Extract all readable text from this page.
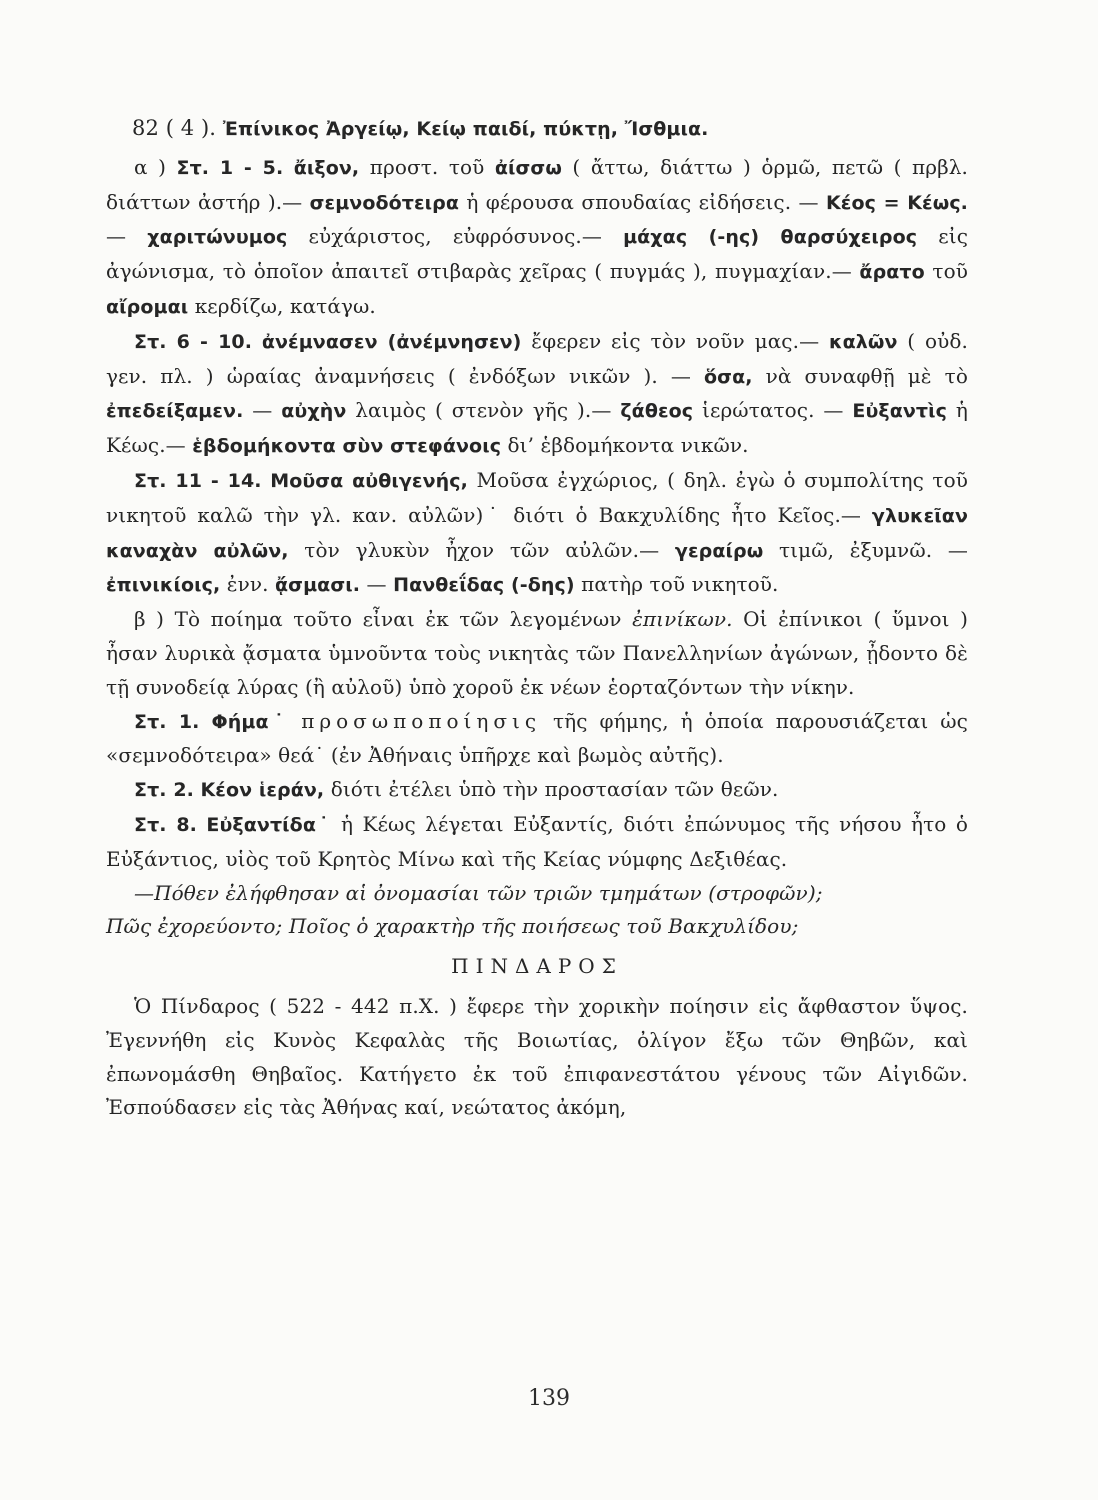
82 ( 4 ). Ἐπίνικος Ἀργείῳ, Κείῳ παιδί, πύκτῃ, Ἴσθμια.

α ) Στ. 1 - 5. ἄιξον, προστ. τοῦ ἀίσσω ( ἄττω, διάττω ) ὁρμῶ, πετῶ ( πρβλ. διάττων ἀστήρ ).— σεμνοδότειρα ἡ φέρουσα σπουδαίας εἰδήσεις. — Κέος = Κέως.— χαριτώνυμος εὐχάριστος, εὐφρόσυνος.— μάχας (-ης) θαρσύχειρος εἰς ἀγώνισμα, τὸ ὁποῖον ἀπαιτεῖ στιβαρὰς χεῖρας ( πυγμάς ), πυγμαχίαν.— ἄρατο τοῦ αἴρομαι κερδίζω, κατάγω.

Στ. 6 - 10. ἀνέμνασεν (ἀνέμνησεν) ἔφερεν εἰς τὸν νοῦν μας.— καλῶν ( οὐδ. γεν. πλ. ) ὡραίας ἀναμνήσεις ( ἐνδόξων νικῶν ). — ὅσα, νὰ συναφθῇ μὲ τὸ ἐπεδείξαμεν. — αὐχὴν λαιμὸς ( στενὸν γῆς ).— ζάθεος ἱερώτατος. — Εὐξαντὶς ἡ Κέως.— ἑβδομήκοντα σὺν στεφάνοις δι’ ἑβδομήκοντα νικῶν.

Στ. 11 - 14. Μοῦσα αὐθιγενής, Μοῦσα ἐγχώριος, ( δηλ. ἐγὼ ὁ συμπολίτης τοῦ νικητοῦ καλῶ τὴν γλ. καν. αὐλῶν)˙ διότι ὁ Βακχυλίδης ἦτο Κεῖος.— γλυκεῖαν καναχὰν αὐλῶν, τὸν γλυκὺν ἦχον τῶν αὐλῶν.— γεραίρω τιμῶ, ἐξυμνῶ. — ἐπινικίοις, ἐνν. ᾄσμασι. — Πανθεΐδας (-δης) πατὴρ τοῦ νικητοῦ.

β ) Τὸ ποίημα τοῦτο εἶναι ἐκ τῶν λεγομένων ἐπινίκων. Οἱ ἐπίνικοι ( ὕμνοι ) ἦσαν λυρικὰ ᾄσματα ὑμνοῦντα τοὺς νικητὰς τῶν Πανελληνίων ἀγώνων, ᾖδοντο δὲ τῇ συνοδείᾳ λύρας (ἢ αὐλοῦ) ὑπὸ χοροῦ ἐκ νέων ἑορταζόντων τὴν νίκην.

Στ. 1. Φήμα˙ προσωποποίησις τῆς φήμης, ἡ ὁποία παρουσιάζεται ὡς «σεμνοδότειρα» θεά˙ (ἐν Ἀθήναις ὑπῆρχε καὶ βωμὸς αὐτῆς).

Στ. 2. Κέον ἱεράν, διότι ἐτέλει ὑπὸ τὴν προστασίαν τῶν θεῶν.

Στ. 8. Εὐξαντίδα˙ ἡ Κέως λέγεται Εὐξαντίς, διότι ἐπώνυμος τῆς νήσου ἦτο ὁ Εὐξάντιος, υἱὸς τοῦ Κρητὸς Μίνω καὶ τῆς Κείας νύμφης Δεξιθέας.

—Πόθεν ἐλήφθησαν αἱ ὀνομασίαι τῶν τριῶν τμημάτων (στροφῶν);

Πῶς ἐχορεύοντο; Ποῖος ὁ χαρακτὴρ τῆς ποιήσεως τοῦ Βακχυλίδου;

ΠΙΝΔΑΡΟΣ

Ὁ Πίνδαρος ( 522 - 442 π.Χ. ) ἔφερε τὴν χορικὴν ποίησιν εἰς ἄφθαστον ὕψος. Ἐγεννήθη εἰς Κυνὸς Κεφαλὰς τῆς Βοιωτίας, ὀλίγον ἔξω τῶν Θηβῶν, καὶ ἐπωνομάσθη Θηβαῖος. Κατήγετο ἐκ τοῦ ἐπιφανεστάτου γένους τῶν Αἰγιδῶν. Ἐσπούδασεν εἰς τὰς Ἀθήνας καί, νεώτατος ἀκόμη,

139
